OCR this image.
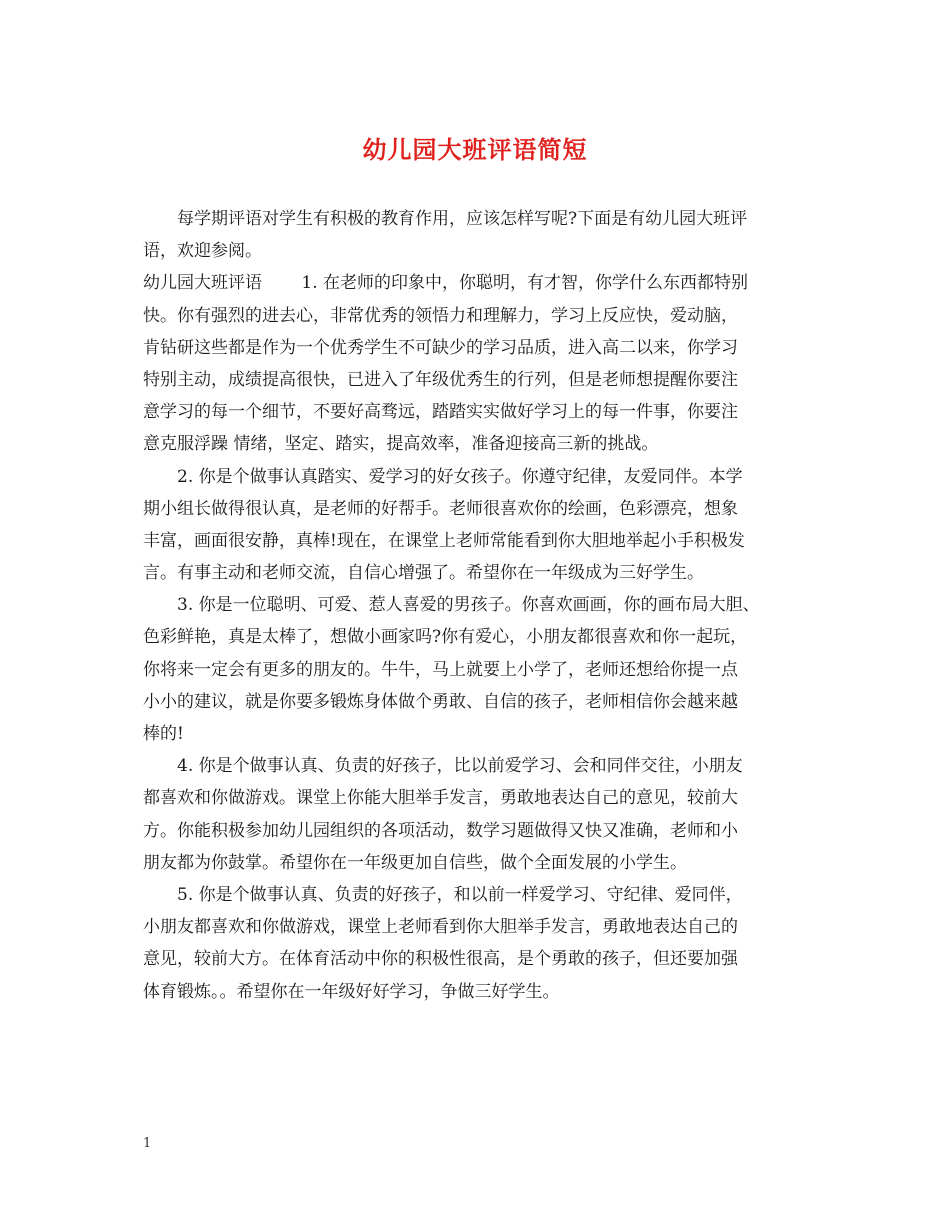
幼儿园大班评语简短
每学期评语对学生有积极的教育作用，应该怎样写呢?下面是有幼儿园大班评
语，欢迎参阅。
幼儿园大班评语　　 1. 在老师的印象中，你聪明，有才智，你学什么东西都特别
快。你有强烈的进去心，非常优秀的领悟力和理解力，学习上反应快，爱动脑，
肯钻研这些都是作为一个优秀学生不可缺少的学习品质，进入高二以来，你学习
特别主动，成绩提高很快，已进入了年级优秀生的行列，但是老师想提醒你要注
意学习的每一个细节，不要好高骛远，踏踏实实做好学习上的每一件事，你要注
意克服浮躁 情绪，坚定、踏实，提高效率，准备迎接高三新的挑战。
2. 你是个做事认真踏实、爱学习的好女孩子。你遵守纪律，友爱同伴。本学
期小组长做得很认真，是老师的好帮手。老师很喜欢你的绘画，色彩漂亮，想象
丰富，画面很安静，真棒!现在，在课堂上老师常能看到你大胆地举起小手积极发
言。有事主动和老师交流，自信心增强了。希望你在一年级成为三好学生。
3. 你是一位聪明、可爱、惹人喜爱的男孩子。你喜欢画画，你的画布局大胆、
色彩鲜艳，真是太棒了，想做小画家吗?你有爱心，小朋友都很喜欢和你一起玩，
你将来一定会有更多的朋友的。牛牛，马上就要上小学了，老师还想给你提一点
小小的建议，就是你要多锻炼身体做个勇敢、自信的孩子，老师相信你会越来越
棒的!
4. 你是个做事认真、负责的好孩子，比以前爱学习、会和同伴交往，小朋友
都喜欢和你做游戏。课堂上你能大胆举手发言，勇敢地表达自己的意见，较前大
方。你能积极参加幼儿园组织的各项活动，数学习题做得又快又准确，老师和小
朋友都为你鼓掌。希望你在一年级更加自信些，做个全面发展的小学生。
5. 你是个做事认真、负责的好孩子，和以前一样爱学习、守纪律、爱同伴，
小朋友都喜欢和你做游戏，课堂上老师看到你大胆举手发言，勇敢地表达自己的
意见，较前大方。在体育活动中你的积极性很高，是个勇敢的孩子，但还要加强
体育锻炼。。希望你在一年级好好学习，争做三好学生。
1
